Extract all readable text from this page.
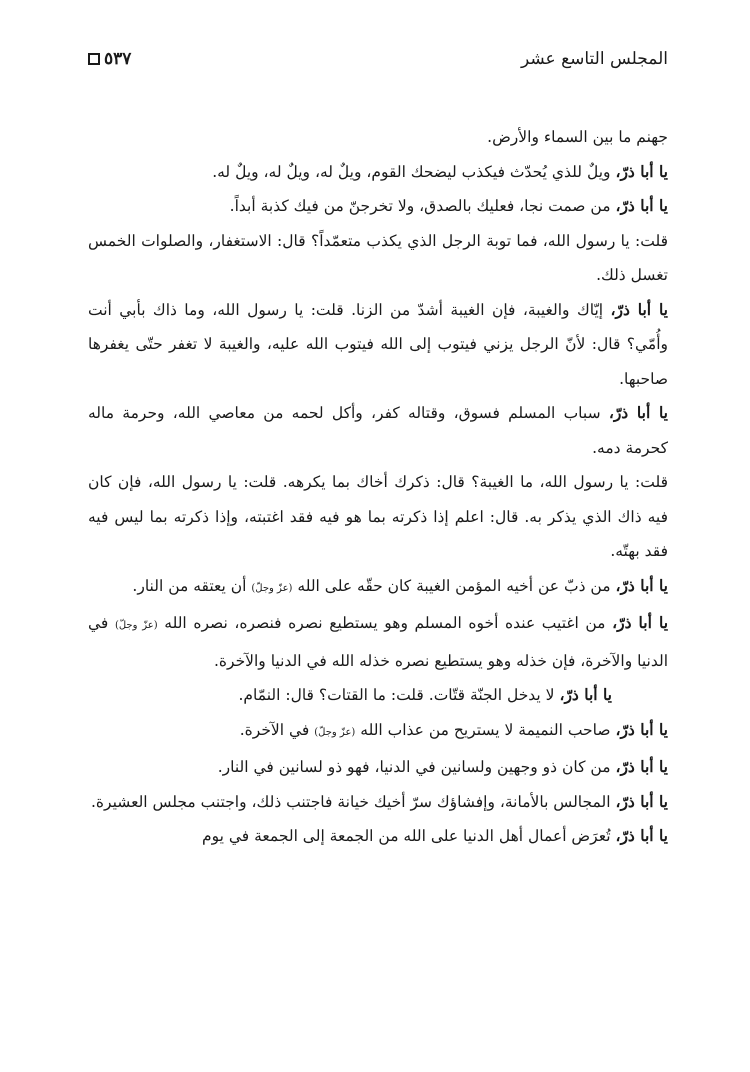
المجلس التاسع عشر
٥٣٧

جهنم ما بين السماء والأرض.

يا أبا ذرّ، ويلٌ للذي يُحدّث فيكذب ليضحك القوم، ويلٌ له، ويلٌ له، ويلٌ له.

يا أبا ذرّ، من صمت نجا، فعليك بالصدق، ولا تخرجنّ من فيك كذبة أبداً.

قلت: يا رسول الله، فما توبة الرجل الذي يكذب متعمّداً؟ قال: الاستغفار، والصلوات الخمس تغسل ذلك.

يا أبا ذرّ، إيّاك والغيبة، فإن الغيبة أشدّ من الزنا. قلت: يا رسول الله، وما ذاك بأبي أنت وأُمّي؟ قال: لأنّ الرجل يزني فيتوب إلى الله فيتوب الله عليه، والغيبة لا تغفر حتّى يغفرها صاحبها.

يا أبا ذرّ، سباب المسلم فسوق، وقتاله كفر، وأكل لحمه من معاصي الله، وحرمة ماله كحرمة دمه.

قلت: يا رسول الله، ما الغيبة؟ قال: ذكرك أخاك بما يكرهه. قلت: يا رسول الله، فإن كان فيه ذاك الذي يذكر به. قال: اعلم إذا ذكرته بما هو فيه فقد اغتبته، وإذا ذكرته بما ليس فيه فقد بهتّه.

يا أبا ذرّ، من ذبّ عن أخيه المؤمن الغيبة كان حقّه على الله (عزّ وجلّ) أن يعتقه من النار.

يا أبا ذرّ، من اغتيب عنده أخوه المسلم وهو يستطيع نصره فنصره، نصره الله (عزّ وجلّ) في الدنيا والآخرة، فإن خذله وهو يستطيع نصره خذله الله في الدنيا والآخرة.

يا أبا ذرّ، لا يدخل الجنّة قتّات. قلت: ما القتات؟ قال: النمّام.

يا أبا ذرّ، صاحب النميمة لا يستريح من عذاب الله (عزّ وجلّ) في الآخرة.

يا أبا ذرّ، من كان ذو وجهين ولسانين في الدنيا، فهو ذو لسانين في النار.

يا أبا ذرّ، المجالس بالأمانة، وإفشاؤك سرّ أخيك خيانة فاجتنب ذلك، واجتنب مجلس العشيرة.

يا أبا ذرّ، تُعرَض أعمال أهل الدنيا على الله من الجمعة إلى الجمعة في يوم
